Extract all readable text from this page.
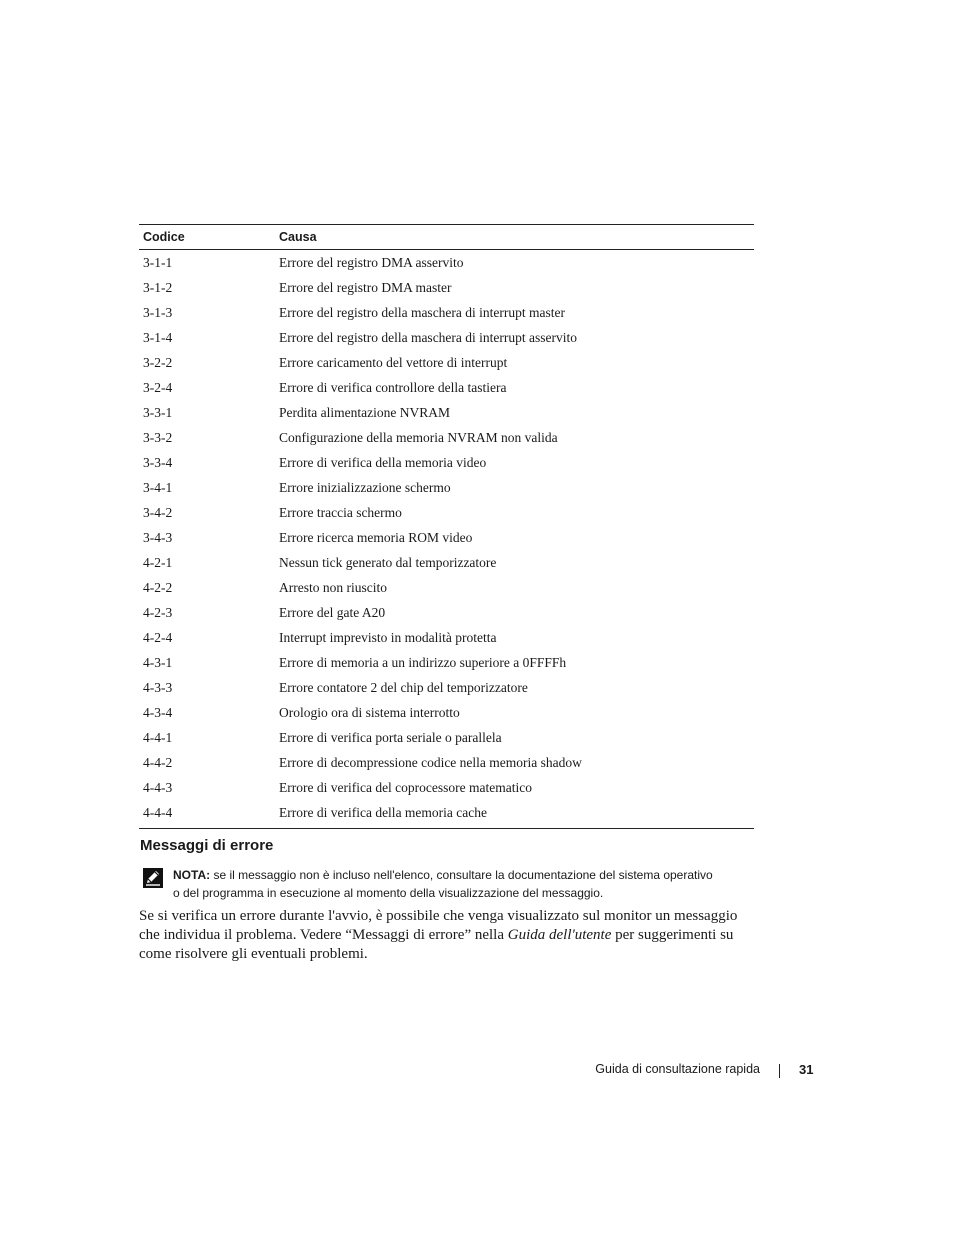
Codice	Causa
3-1-1	Errore del registro DMA asservito
3-1-2	Errore del registro DMA master
3-1-3	Errore del registro della maschera di interrupt master
3-1-4	Errore del registro della maschera di interrupt asservito
3-2-2	Errore caricamento del vettore di interrupt
3-2-4	Errore di verifica controllore della tastiera
3-3-1	Perdita alimentazione NVRAM
3-3-2	Configurazione della memoria NVRAM non valida
3-3-4	Errore di verifica della memoria video
3-4-1	Errore inizializzazione schermo
3-4-2	Errore traccia schermo
3-4-3	Errore ricerca memoria ROM video
4-2-1	Nessun tick generato dal temporizzatore
4-2-2	Arresto non riuscito
4-2-3	Errore del gate A20
4-2-4	Interrupt imprevisto in modalità protetta
4-3-1	Errore di memoria a un indirizzo superiore a 0FFFFh
4-3-3	Errore contatore 2 del chip del temporizzatore
4-3-4	Orologio ora di sistema interrotto
4-4-1	Errore di verifica porta seriale o parallela
4-4-2	Errore di decompressione codice nella memoria shadow
4-4-3	Errore di verifica del coprocessore matematico
4-4-4	Errore di verifica della memoria cache
Messaggi di errore
NOTA: se il messaggio non è incluso nell'elenco, consultare la documentazione del sistema operativo
o del programma in esecuzione al momento della visualizzazione del messaggio.

Se si verifica un errore durante l'avvio, è possibile che venga visualizzato sul monitor un messaggio che individua il problema. Vedere “Messaggi di errore” nella Guida dell'utente per suggerimenti su come risolvere gli eventuali problemi.

Guida di consultazione rapida	31
